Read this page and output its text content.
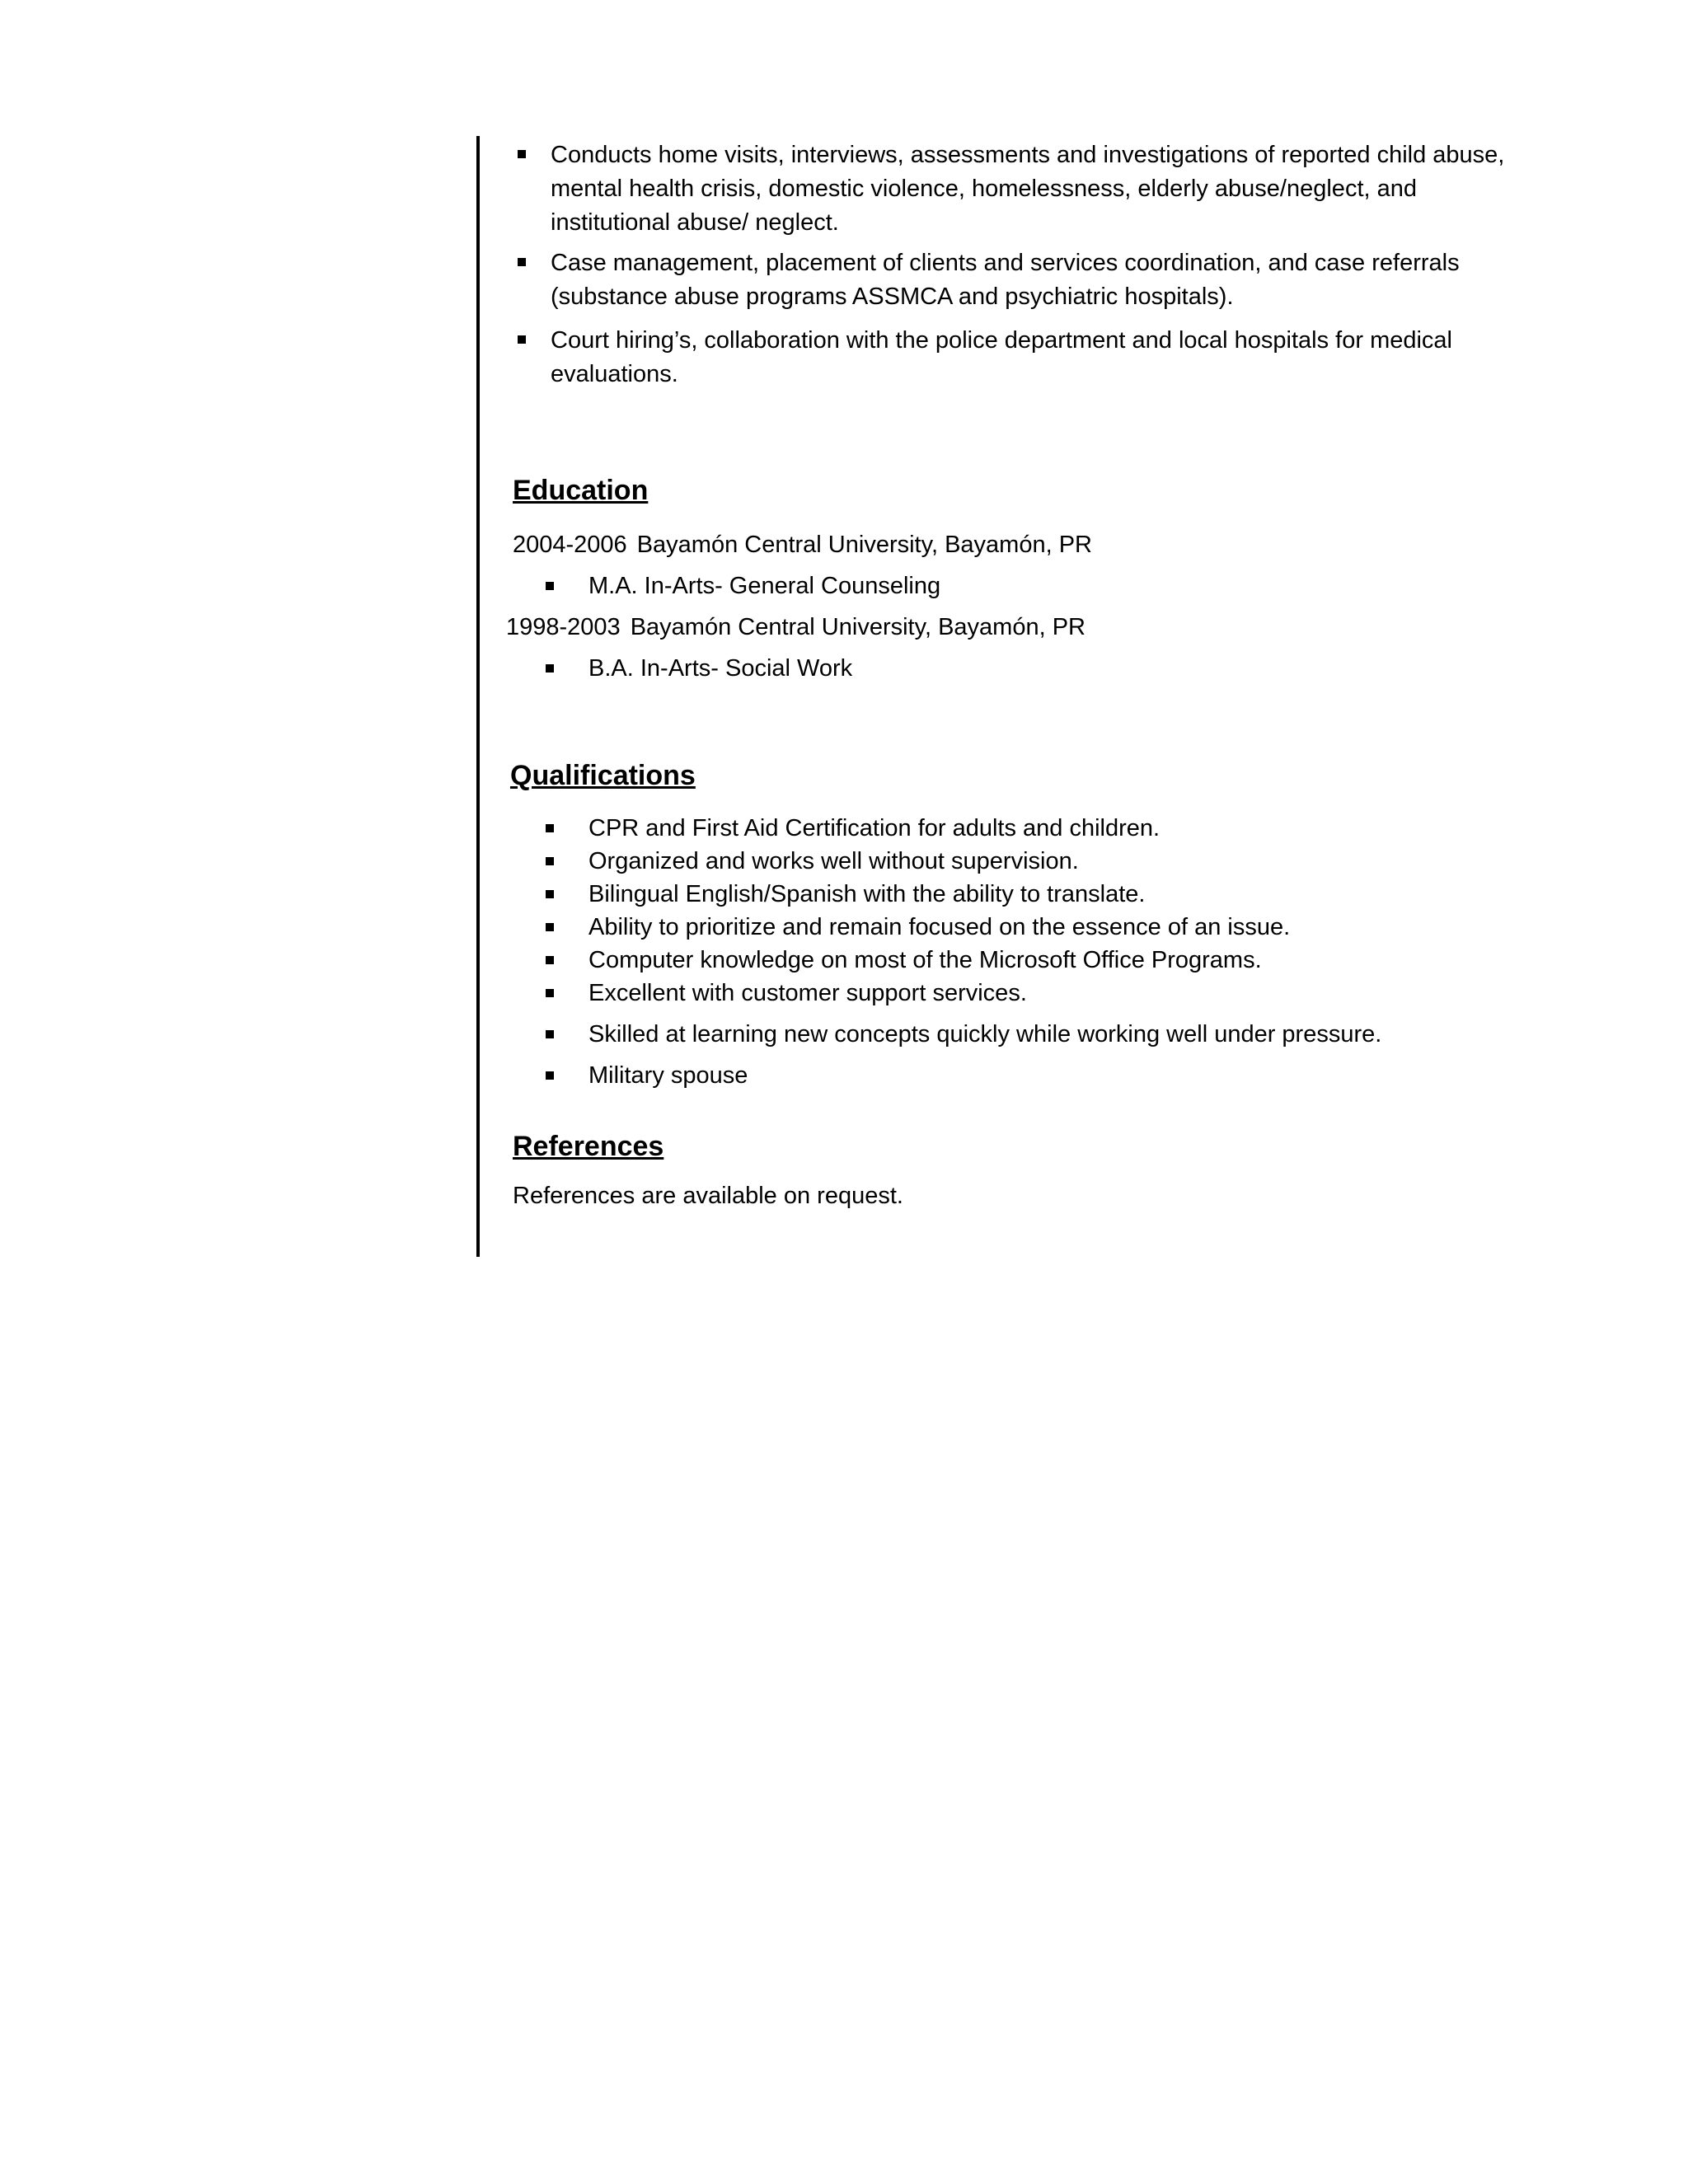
Conducts home visits, interviews, assessments and investigations of reported child abuse, mental health crisis, domestic violence, homelessness, elderly abuse/neglect, and institutional abuse/ neglect.
Case management, placement of clients and services coordination, and case referrals (substance abuse programs ASSMCA and psychiatric hospitals).
Court hiring’s, collaboration with the police department and local hospitals for medical evaluations.
Education
2004-2006 Bayamón Central University, Bayamón, PR
M.A. In-Arts- General Counseling
1998-2003 Bayamón Central University, Bayamón, PR
B.A. In-Arts- Social Work
Qualifications
CPR and First Aid Certification for adults and children.
Organized and works well without supervision.
Bilingual English/Spanish with the ability to translate.
Ability to prioritize and remain focused on the essence of an issue.
Computer knowledge on most of the Microsoft Office Programs.
Excellent with customer support services.
Skilled at learning new concepts quickly while working well under pressure.
Military spouse
References
References are available on request.
